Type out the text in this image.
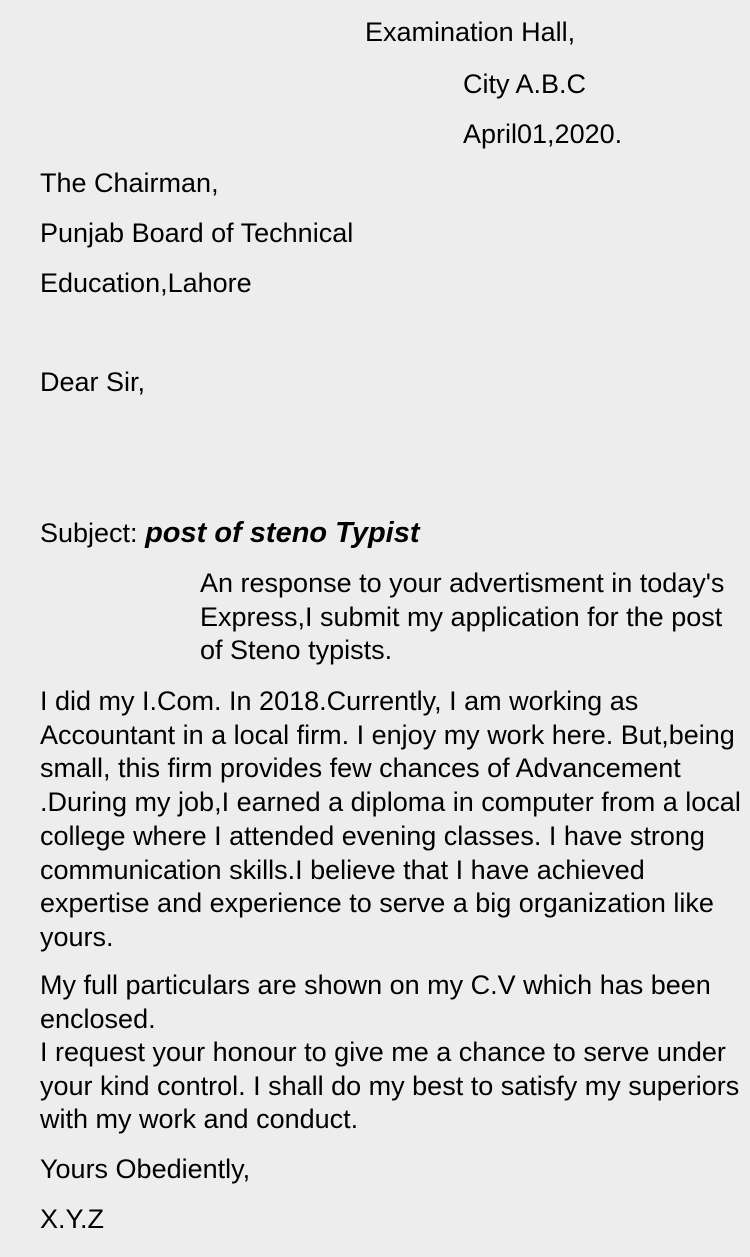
Examination Hall,
City A.B.C
April01,2020.
The Chairman,
Punjab Board of Technical
Education,Lahore
Dear Sir,
Subject: post of steno Typist
An response to your advertisment in today's Express,I submit my application for the post of Steno typists.
I did my I.Com. In 2018.Currently, I am working as Accountant in a local firm. I enjoy my work here. But,being small, this firm provides few chances of Advancement .During my job,I earned a diploma in computer from a local college where I attended evening classes. I have strong communication skills.I believe that I have achieved expertise and experience to serve a big organization like yours.
My full particulars are shown on my C.V which has been enclosed.
I request your honour to give me a chance to serve under your kind control. I shall do my best to satisfy my superiors with my work and conduct.
Yours Obediently,
X.Y.Z
